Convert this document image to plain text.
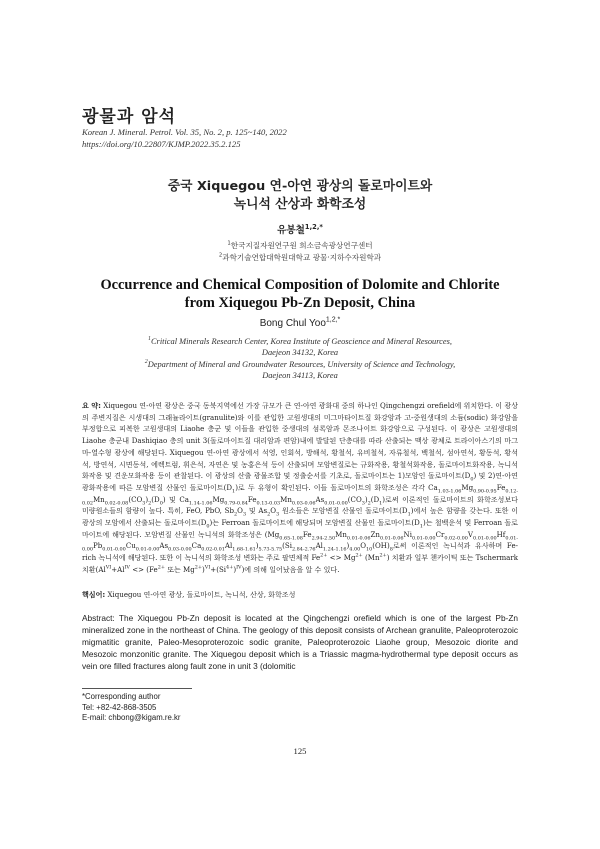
광물과 암석
Korean J. Mineral. Petrol. Vol. 35, No. 2, p. 125~140, 2022
https://doi.org/10.22807/KJMP.2022.35.2.125
중국 Xiquegou 연-아연 광상의 돌로마이트와
녹니석 산상과 화학조성
유봉철$^{1,2,*}$
$^1$한국지질자원연구원 희소금속광상연구센터
$^2$과학기술연합대학원대학교 광물·지하수자원학과
Occurrence and Chemical Composition of Dolomite and Chlorite
from Xiquegou Pb-Zn Deposit, China
Bong Chul Yoo$^{1,2,*}$
$^1$Critical Minerals Research Center, Korea Institute of Geoscience and Mineral Resources,
Daejeon 34132, Korea
$^2$Department of Mineral and Groundwater Resources, University of Science and Technology,
Daejeon 34113, Korea
요 약: Xiquegou 연-아연 광상은 중국 동북지역에선 가장 규모가 큰 연-아연 광화대 중의 하나인 Qingchengzi orefield에 위치한다. 이 광상의 주변지질은 시생대의 그래뉼라이트(granulite)와 이를 관입한 고원생대의 미그마타이트질 화강암과 고-중원생대의 소듐(sodic) 화강암을 부정합으로 피복한 고원생대의 Liaohe 층군 및 이들을 관입한 중생대의 섬록암과 몬조나이트 화강암으로 구성된다. 이 광상은 고원생대의 Liaohe 층군내 Dashiqiao 층의 unit 3(돌로마이트질 대리암과 편암)내에 발달된 단층대를 따라 산출되는 맥상 광체로 트라이아스기의 마그마-열수형 광상에 해당된다. Xiquegou 연-아연 광상에서 석영, 인회석, 방해석, 황철석, 유비철석, 자류철석, 백철석, 섬아연석, 황동석, 황석석, 방연석, 시면동석, 에렉트럼, 휘은석, 자연은 및 농홍은석 등이 산출되며 모암변질로는 규화작용, 황철석화작용, 돌로마이트화작용, 녹니석화작용 및 견운모화작용 등이 관찰된다. 이 광상의 산출 광물조합 및 정출순서를 기초로, 돌로마이트는 1)모암인 돌로마이트$(D_0)$ 및 2)연-아연 광화작용에 따른 모암변질 산물인 돌로마이트$(D_1)$로 두 유형이 확인된다. 이들 돌로마이트의 화학조성은 각각 $Ca_{1.03-1.06}Mg_{0.90-0.95}Fe_{0.12-0.02}Mn_{0.02-0.08}(CO_3)_2(D_0)$ 및 $Ca_{1.14-1.06}Mg_{0.79-0.84}Fe_{0.13-0.03}Mn_{0.03-0.06}As_{0.01-0.00}(CO_3)_2(D_1)$로써 이론적인 돌로마이트의 화학조성보다 미량원소들의 함량이 높다. 특히, FeO, PbO, $Sb_2O_3$ 및 $As_2O_3$ 원소들은 모암변질 산물인 돌로마이트$(D_1)$에서 높은 함량을 갖는다. 또한 이 광상의 모암에서 산출되는 돌로마이트$(D_0)$는 Ferroan 돌로마이트에 해당되며 모암변질 산물인 돌로마이트$(D_1)$는 철백운석 및 Ferroan 돌로마이트에 해당된다. 모암변질 산물인 녹니석의 화학조성은 $(Mg_{0.65-1.08}Fe_{2.94-2.50}Mn_{0.01-0.06}Zn_{0.01-0.06}Ni_{0.01-0.00}Cr_{0.02-0.00}V_{0.01-0.00}Hf_{0.01-0.00}Pb_{0.01-0.00}Cu_{0.01-0.00}As_{0.03-0.00}Ca_{0.02-0.01}Al_{1.68-1.61})_{5.73-5.75}(Si_{2.84-2.76}Al_{1.24-1.16})_{4.00}O_{10}(OH)_8$로써 이론적인 녹니석과 유사하며 Fe-rich 녹니석에 해당된다. 또한 이 녹니석의 화학조성 변화는 주로 팔면체적 $Fe^{2+} <> Mg^{2+}$ $(Mn^{2+})$ 치환과 일부 챈카이틱 또는 Tschermark 치환($Al^{VI}+Al^{IV} <> (Fe^{2+}$ 또는 $Mg^{2+})^{VI}+(Si^{4+})^{IV}$)에 의해 일어났음을 알 수 있다.
핵심어: Xiquegou 연-아연 광상, 돌로마이트, 녹니석, 산상, 화학조성
Abstract: The Xiquegou Pb-Zn deposit is located at the Qingchengzi orefield which is one of the largest Pb-Zn mineralized zone in the northeast of China. The geology of this deposit consists of Archean granulite, Paleoproterozoic migmatitic granite, Paleo-Mesoproterozoic sodic granite, Paleoproterozoic Liaohe group, Mesozoic diorite and Mesozoic monzonitic granite. The Xiquegou deposit which is a Triassic magma-hydrothermal type deposit occurs as vein ore filled fractures along fault zone in unit 3 (dolomitic
*Corresponding author
Tel: +82-42-868-3505
E-mail: chbong@kigam.re.kr
125
